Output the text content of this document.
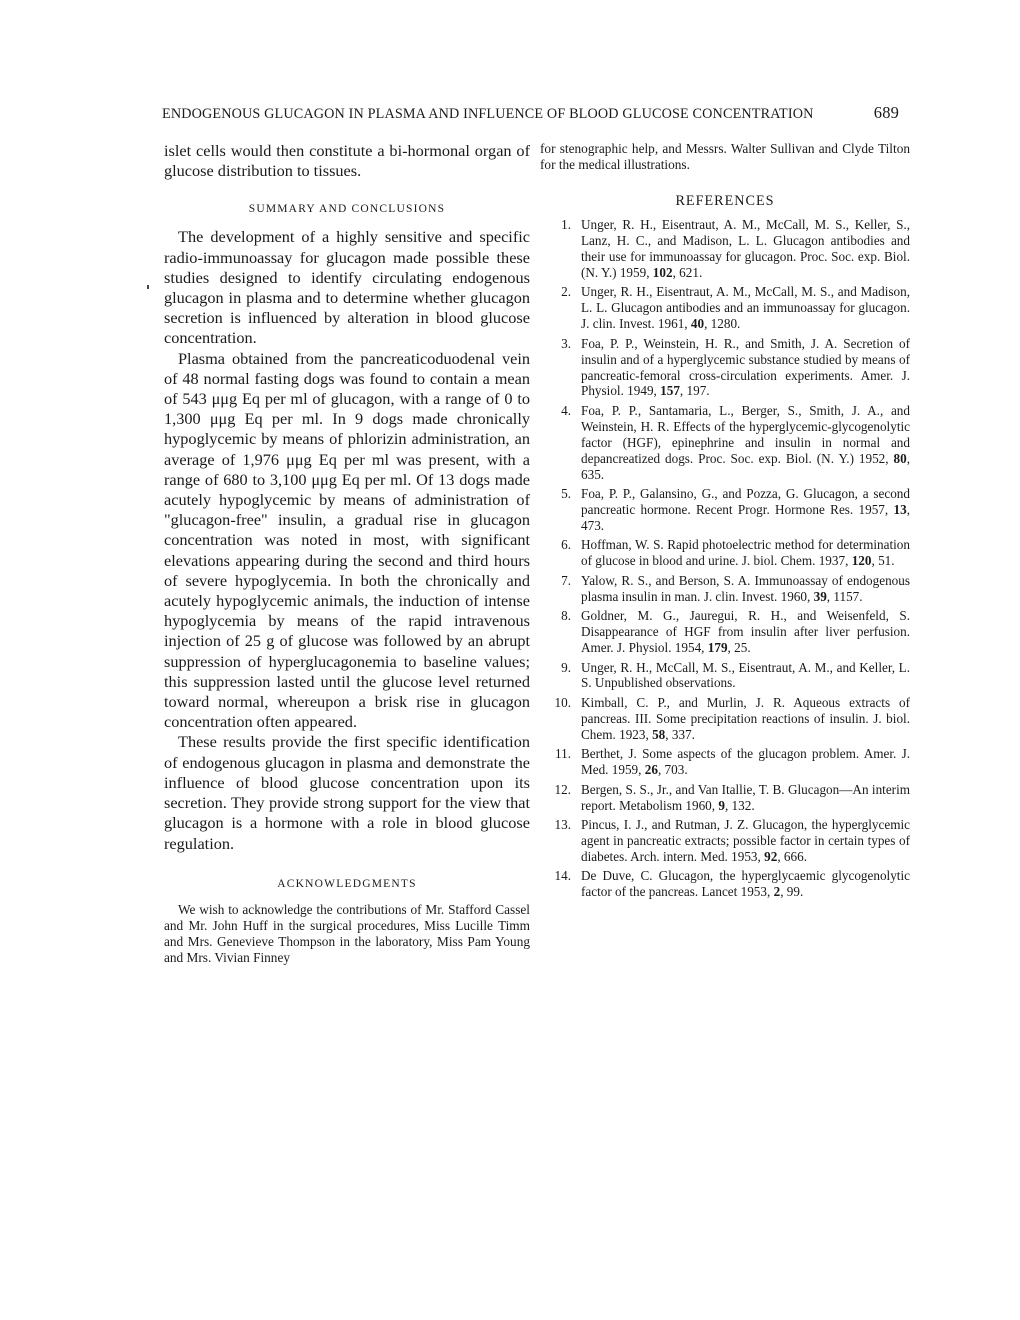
ENDOGENOUS GLUCAGON IN PLASMA AND INFLUENCE OF BLOOD GLUCOSE CONCENTRATION	689

islet cells would then constitute a bi-hormonal organ of glucose distribution to tissues.

SUMMARY AND CONCLUSIONS

The development of a highly sensitive and specific radio-immunoassay for glucagon made possible these studies designed to identify circulating endogenous glucagon in plasma and to determine whether glucagon secretion is influenced by alteration in blood glucose concentration.

Plasma obtained from the pancreaticoduodenal vein of 48 normal fasting dogs was found to contain a mean of 543 μμg Eq per ml of glucagon, with a range of 0 to 1,300 μμg Eq per ml. In 9 dogs made chronically hypoglycemic by means of phlorizin administration, an average of 1,976 μμg Eq per ml was present, with a range of 680 to 3,100 μμg Eq per ml. Of 13 dogs made acutely hypoglycemic by means of administration of "glucagon-free" insulin, a gradual rise in glucagon concentration was noted in most, with significant elevations appearing during the second and third hours of severe hypoglycemia. In both the chronically and acutely hypoglycemic animals, the induction of intense hypoglycemia by means of the rapid intravenous injection of 25 g of glucose was followed by an abrupt suppression of hyperglucagonemia to baseline values; this suppression lasted until the glucose level returned toward normal, whereupon a brisk rise in glucagon concentration often appeared.

These results provide the first specific identification of endogenous glucagon in plasma and demonstrate the influence of blood glucose concentration upon its secretion. They provide strong support for the view that glucagon is a hormone with a role in blood glucose regulation.

ACKNOWLEDGMENTS

We wish to acknowledge the contributions of Mr. Stafford Cassel and Mr. John Huff in the surgical procedures, Miss Lucille Timm and Mrs. Genevieve Thompson in the laboratory, Miss Pam Young and Mrs. Vivian Finney

for stenographic help, and Messrs. Walter Sullivan and Clyde Tilton for the medical illustrations.

REFERENCES

1. Unger, R. H., Eisentraut, A. M., McCall, M. S., Keller, S., Lanz, H. C., and Madison, L. L. Glucagon antibodies and their use for immunoassay for glucagon. Proc. Soc. exp. Biol. (N. Y.) 1959, 102, 621.
2. Unger, R. H., Eisentraut, A. M., McCall, M. S., and Madison, L. L. Glucagon antibodies and an immunoassay for glucagon. J. clin. Invest. 1961, 40, 1280.
3. Foa, P. P., Weinstein, H. R., and Smith, J. A. Secretion of insulin and of a hyperglycemic substance studied by means of pancreatic-femoral cross-circulation experiments. Amer. J. Physiol. 1949, 157, 197.
4. Foa, P. P., Santamaria, L., Berger, S., Smith, J. A., and Weinstein, H. R. Effects of the hyperglycemic-glycogenolytic factor (HGF), epinephrine and insulin in normal and depancreatized dogs. Proc. Soc. exp. Biol. (N. Y.) 1952, 80, 635.
5. Foa, P. P., Galansino, G., and Pozza, G. Glucagon, a second pancreatic hormone. Recent Progr. Hormone Res. 1957, 13, 473.
6. Hoffman, W. S. Rapid photoelectric method for determination of glucose in blood and urine. J. biol. Chem. 1937, 120, 51.
7. Yalow, R. S., and Berson, S. A. Immunoassay of endogenous plasma insulin in man. J. clin. Invest. 1960, 39, 1157.
8. Goldner, M. G., Jauregui, R. H., and Weisenfeld, S. Disappearance of HGF from insulin after liver perfusion. Amer. J. Physiol. 1954, 179, 25.
9. Unger, R. H., McCall, M. S., Eisentraut, A. M., and Keller, L. S. Unpublished observations.
10. Kimball, C. P., and Murlin, J. R. Aqueous extracts of pancreas. III. Some precipitation reactions of insulin. J. biol. Chem. 1923, 58, 337.
11. Berthet, J. Some aspects of the glucagon problem. Amer. J. Med. 1959, 26, 703.
12. Bergen, S. S., Jr., and Van Itallie, T. B. Glucagon—An interim report. Metabolism 1960, 9, 132.
13. Pincus, I. J., and Rutman, J. Z. Glucagon, the hyperglycemic agent in pancreatic extracts; possible factor in certain types of diabetes. Arch. intern. Med. 1953, 92, 666.
14. De Duve, C. Glucagon, the hyperglycaemic glycogenolytic factor of the pancreas. Lancet 1953, 2, 99.
